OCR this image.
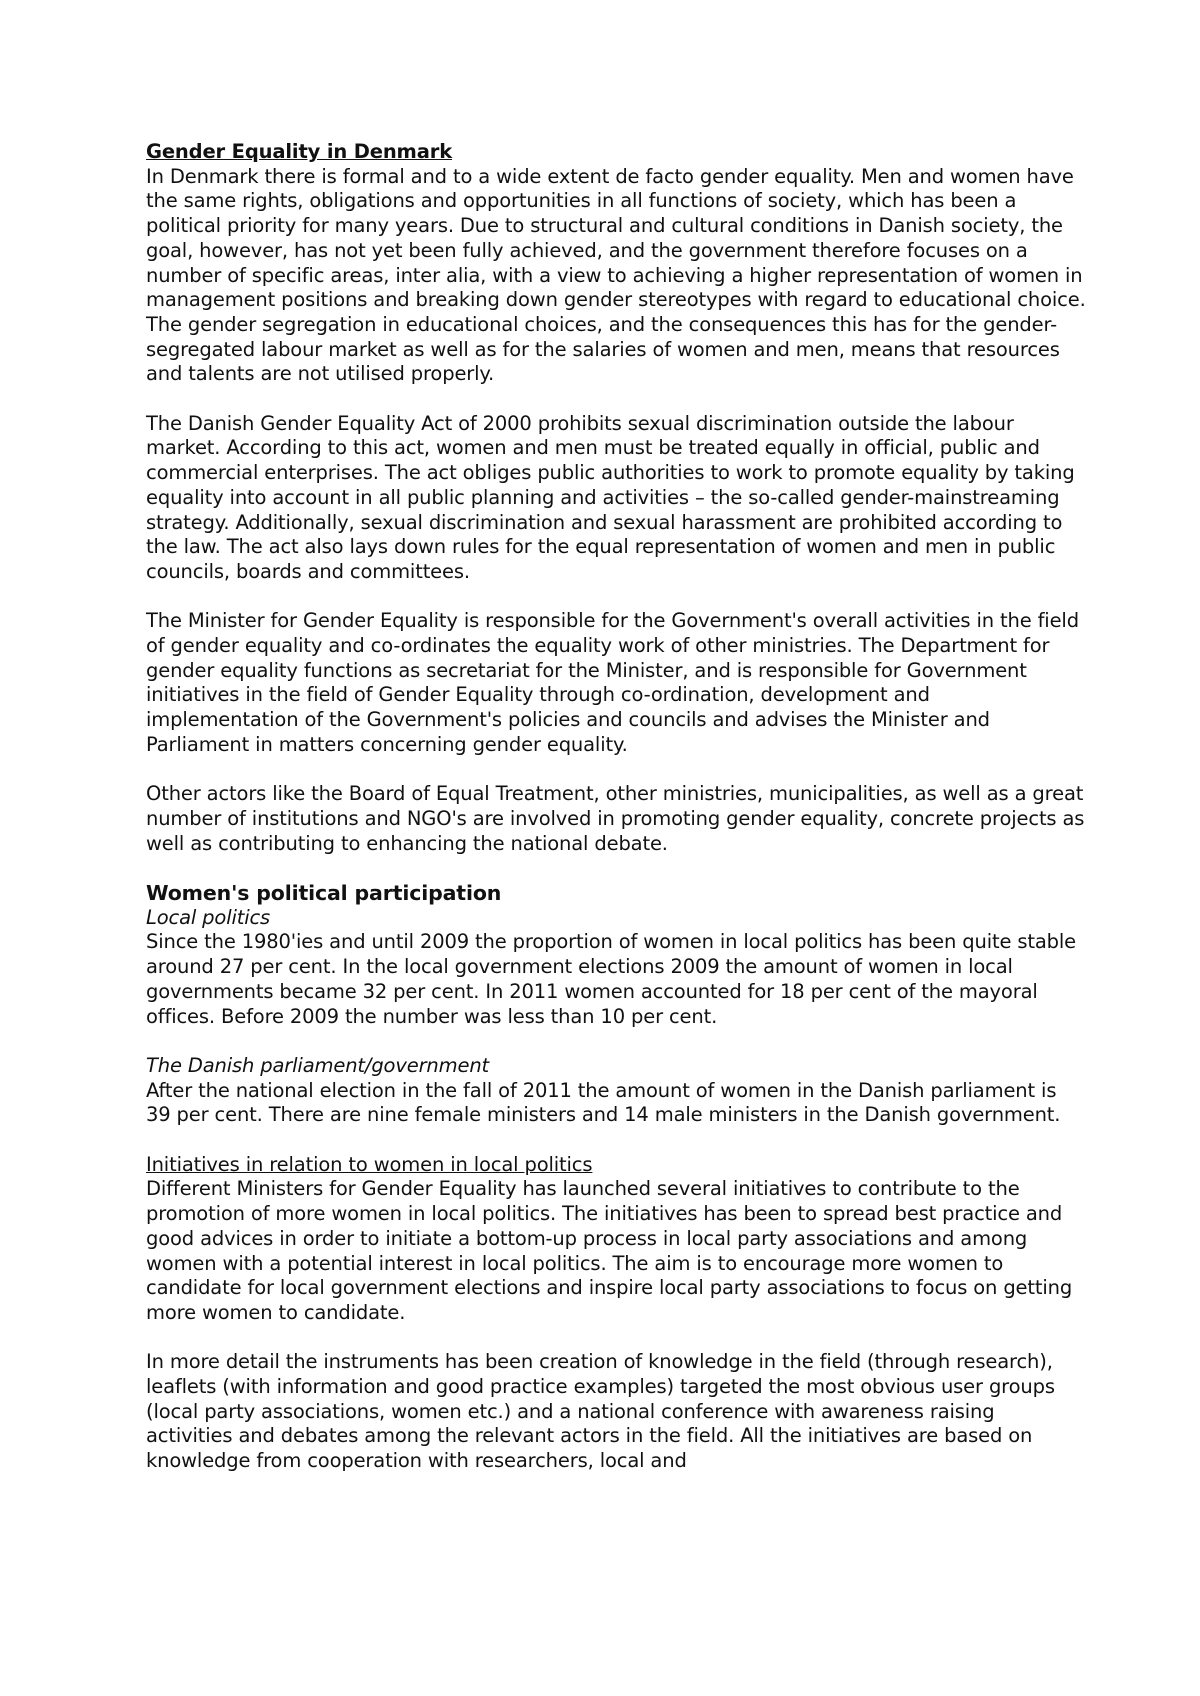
Gender Equality in Denmark

In Denmark there is formal and to a wide extent de facto gender equality. Men and women have the same rights, obligations and opportunities in all functions of society, which has been a political priority for many years. Due to structural and cultural conditions in Danish society, the goal, however, has not yet been fully achieved, and the government therefore focuses on a number of specific areas, inter alia, with a view to achieving a higher representation of women in management positions and breaking down gender stereotypes with regard to educational choice. The gender segregation in educational choices, and the consequences this has for the gender-segregated labour market as well as for the salaries of women and men, means that resources and talents are not utilised properly.

The Danish Gender Equality Act of 2000 prohibits sexual discrimination outside the labour market. According to this act, women and men must be treated equally in official, public and commercial enterprises. The act obliges public authorities to work to promote equality by taking equality into account in all public planning and activities – the so-called gender-mainstreaming strategy. Additionally, sexual discrimination and sexual harassment are prohibited according to the law. The act also lays down rules for the equal representation of women and men in public councils, boards and committees.

The Minister for Gender Equality is responsible for the Government's overall activities in the field of gender equality and co-ordinates the equality work of other ministries. The Department for gender equality functions as secretariat for the Minister, and is responsible for Government initiatives in the field of Gender Equality through co-ordination, development and implementation of the Government's policies and councils and advises the Minister and Parliament in matters concerning gender equality.

Other actors like the Board of Equal Treatment, other ministries, municipalities, as well as a great number of institutions and NGO's are involved in promoting gender equality, concrete projects as well as contributing to enhancing the national debate.

Women's political participation

Local politics

Since the 1980'ies and until 2009 the proportion of women in local politics has been quite stable around 27 per cent. In the local government elections 2009 the amount of women in local governments became 32 per cent. In 2011 women accounted for 18 per cent of the mayoral offices. Before 2009 the number was less than 10 per cent.

The Danish parliament/government

After the national election in the fall of 2011 the amount of women in the Danish parliament is 39 per cent. There are nine female ministers and 14 male ministers in the Danish government.

Initiatives in relation to women in local politics

Different Ministers for Gender Equality has launched several initiatives to contribute to the promotion of more women in local politics. The initiatives has been to spread best practice and good advices in order to initiate a bottom-up process in local party associations and among women with a potential interest in local politics. The aim is to encourage more women to candidate for local government elections and inspire local party associations to focus on getting more women to candidate.

In more detail the instruments has been creation of knowledge in the field (through research), leaflets (with information and good practice examples) targeted the most obvious user groups (local party associations, women etc.) and a national conference with awareness raising activities and debates among the relevant actors in the field. All the initiatives are based on knowledge from cooperation with researchers, local and
